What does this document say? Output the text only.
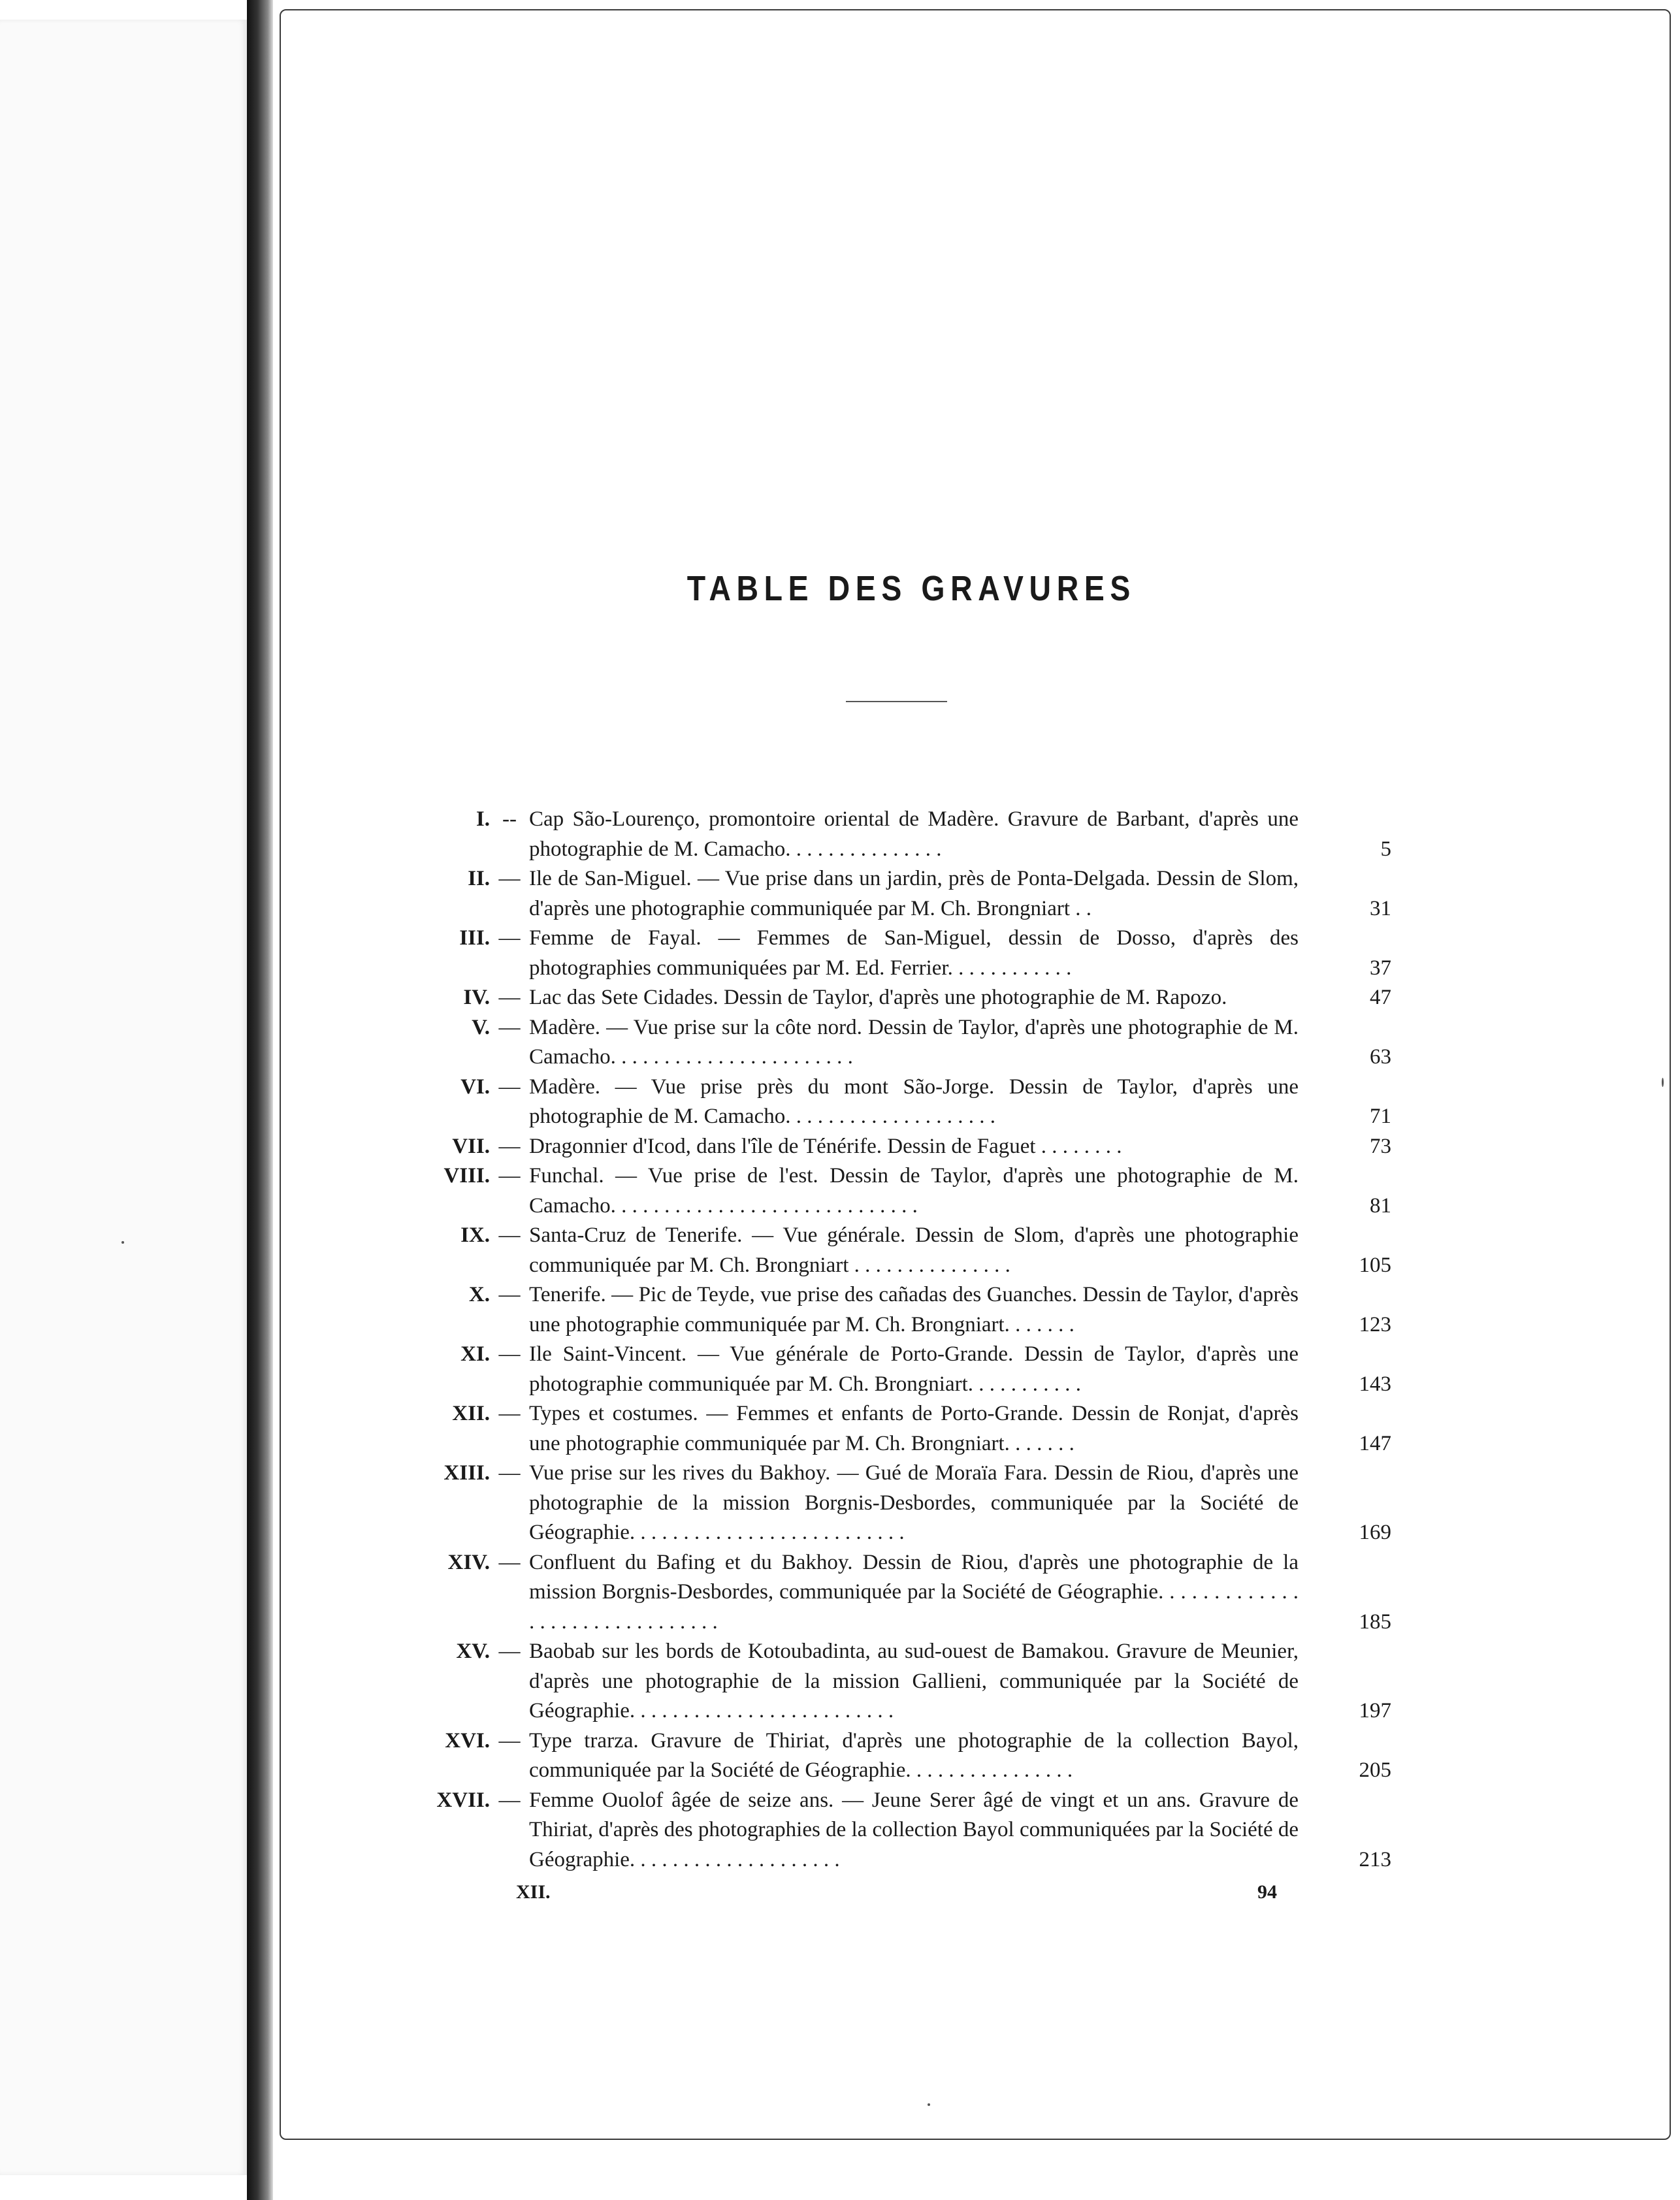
TABLE DES GRAVURES
I. -- Cap São-Lourenço, promontoire oriental de Madère. Gravure de Barbant, d'après une photographie de M. Camacho. . . . . . . . . . . . . . .	5
II. — Ile de San-Miguel. — Vue prise dans un jardin, près de Ponta-Delgada. Dessin de Slom, d'après une photographie communiquée par M. Ch. Brongniart . .	31
III. — Femme de Fayal. — Femmes de San-Miguel, dessin de Dosso, d'après des photographies communiquées par M. Ed. Ferrier. . . . . . . . . . . .	37
IV. — Lac das Sete Cidades. Dessin de Taylor, d'après une photographie de M. Rapozo.	47
V. — Madère. — Vue prise sur la côte nord. Dessin de Taylor, d'après une photographie de M. Camacho. . . . . . . . . . . . . . . . . . . . . . .	63
VI. — Madère. — Vue prise près du mont São-Jorge. Dessin de Taylor, d'après une photographie de M. Camacho. . . . . . . . . . . . . . . . . . . .	71
VII. — Dragonnier d'Icod, dans l'île de Ténérife. Dessin de Faguet . . . . . . . .	73
VIII. — Funchal. — Vue prise de l'est. Dessin de Taylor, d'après une photographie de M. Camacho. . . . . . . . . . . . . . . . . . . . . . . . . . . . .	81
IX. — Santa-Cruz de Tenerife. — Vue générale. Dessin de Slom, d'après une photographie communiquée par M. Ch. Brongniart . . . . . . . . . . . . . . .	105
X. — Tenerife. — Pic de Teyde, vue prise des cañadas des Guanches. Dessin de Taylor, d'après une photographie communiquée par M. Ch. Brongniart. . . . . . .	123
XI. — Ile Saint-Vincent. — Vue générale de Porto-Grande. Dessin de Taylor, d'après une photographie communiquée par M. Ch. Brongniart. . . . . . . . . . .	143
XII. — Types et costumes. — Femmes et enfants de Porto-Grande. Dessin de Ronjat, d'après une photographie communiquée par M. Ch. Brongniart. . . . . . .	147
XIII. — Vue prise sur les rives du Bakhoy. — Gué de Moraïa Fara. Dessin de Riou, d'après une photographie de la mission Borgnis-Desbordes, communiquée par la Société de Géographie. . . . . . . . . . . . . . . . . . . . . . . . . .	169
XIV. — Confluent du Bafing et du Bakhoy. Dessin de Riou, d'après une photographie de la mission Borgnis-Desbordes, communiquée par la Société de Géographie. . . . . . . . . . . . . . . . . . . . . . . . . . . . . . .	185
XV. — Baobab sur les bords de Kotoubadinta, au sud-ouest de Bamakou. Gravure de Meunier, d'après une photographie de la mission Gallieni, communiquée par la Société de Géographie. . . . . . . . . . . . . . . . . . . . . . . . .	197
XVI. — Type trarza. Gravure de Thiriat, d'après une photographie de la collection Bayol, communiquée par la Société de Géographie. . . . . . . . . . . . . . . .	205
XVII. — Femme Ouolof âgée de seize ans. — Jeune Serer âgé de vingt et un ans. Gravure de Thiriat, d'après des photographies de la collection Bayol communiquées par la Société de Géographie. . . . . . . . . . . . . . . . . . . .	213
XII.	94
